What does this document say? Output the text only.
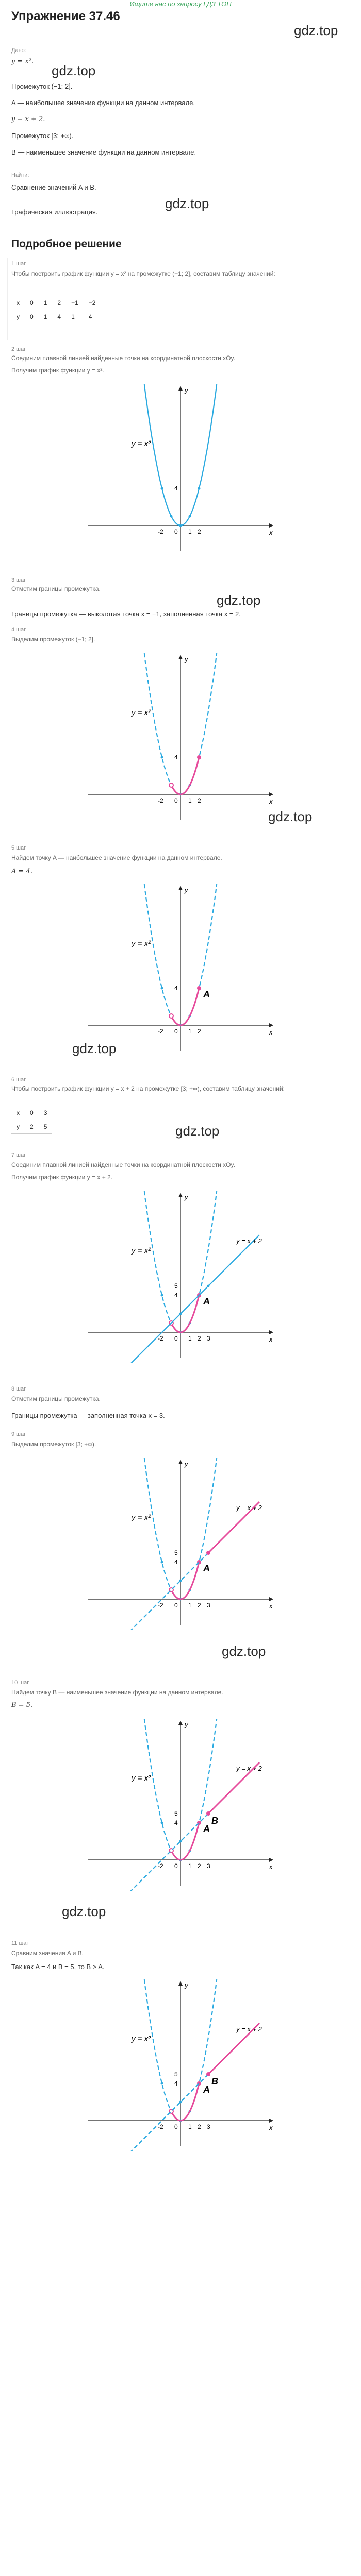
Ищите нас по запросу ГДЗ ТОП
Упражнение 37.46
gdz.top
Дано:
y = x².
gdz.top
Промежуток (−1; 2].
A — наибольшее значение функции на данном интервале.
y = x + 2.
Промежуток [3; +∞).
B — наименьшее значение функции на данном интервале.
Найти:
Сравнение значений A и B.
gdz.top
Графическая иллюстрация.
Подробное решение
1 шаг
Чтобы построить график функции y = x² на промежутке (−1; 2], составим таблицу значений:
x	0	1	2	−1	−2
y	0	1	4	1	4
2 шаг
Соединим плавной линией найденные точки на координатной плоскости xOy.
Получим график функции y = x².
x
y
-2 0 1 2
4
y = x²
3 шаг
Отметим границы промежутка.
gdz.top
Границы промежутка — выколотая точка x = −1, заполненная точка x = 2.
4 шаг
Выделим промежуток (−1; 2].
x
y
-2 0 1 2
4
y = x²
gdz.top
5 шаг
Найдем точку A — наибольшее значение функции на данном интервале.
A = 4.
x
y
-2 0 1 2
4
y = x²
A
gdz.top
6 шаг
Чтобы построить график функции y = x + 2 на промежутке [3; +∞), составим таблицу значений:
x	0	3
y	2	5	gdz.top
7 шаг
Соединим плавной линией найденные точки на координатной плоскости xOy.
Получим график функции y = x + 2.
x
y
-2 0 1 2
4
3
5
y = x²
A
y = x + 2
8 шаг
Отметим границы промежутка.
Границы промежутка — заполненная точка x = 3.
9 шаг
Выделим промежуток [3; +∞).
x
y
-2 0 1 2
4
3
5
y = x²
A
y = x + 2
gdz.top
10 шаг
Найдем точку B — наименьшее значение функции на данном интервале.
B = 5.
x
y
-2 0 1 2
4
3
5
y = x²
A
y = x + 2
B
gdz.top
11 шаг
Сравним значения A и B.
Так как A = 4 и B = 5, то B > A.
x
y
-2 0 1 2
4
3
5
y = x²
A
y = x + 2
B
